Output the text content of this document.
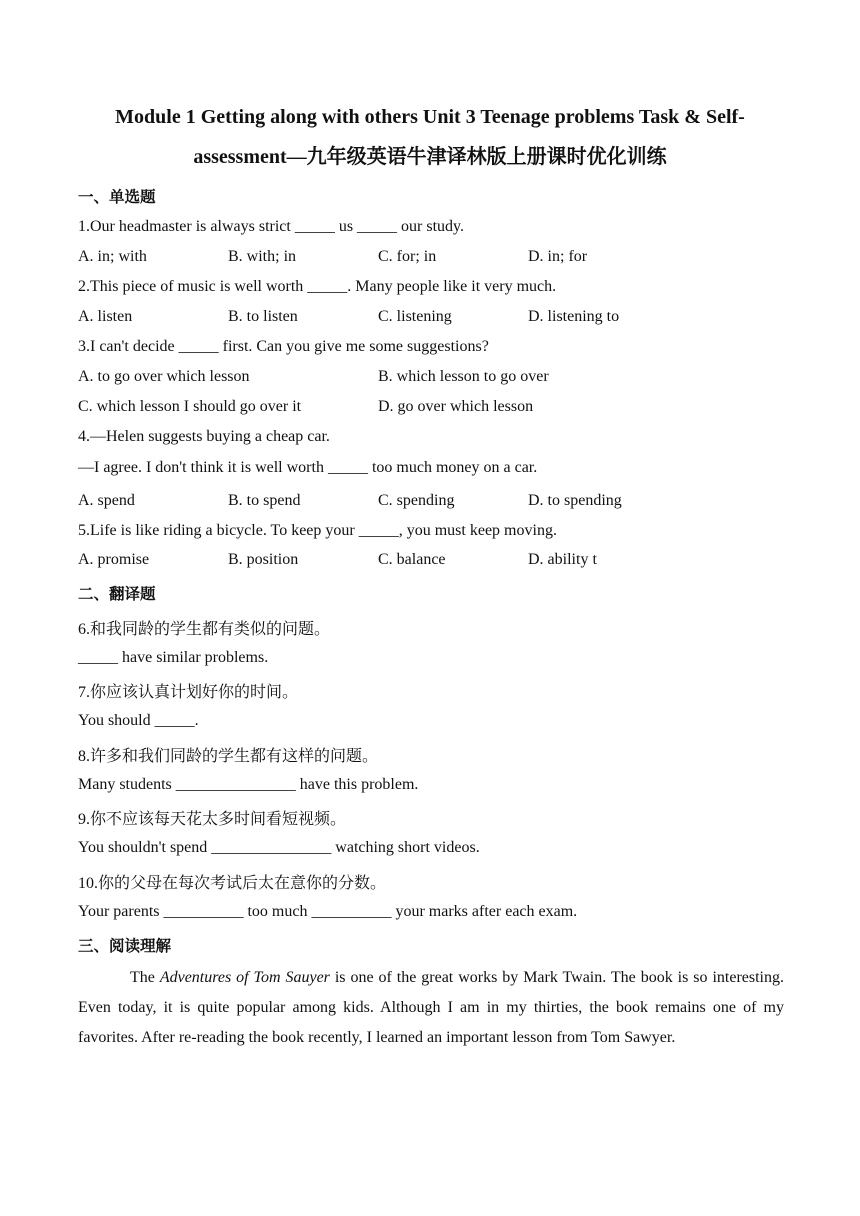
Module 1 Getting along with others Unit 3 Teenage problems Task & Self-
assessment—九年级英语牛津译林版上册课时优化训练
一、单选题
1.Our headmaster is always strict _____ us _____ our study.
A. in; with	B. with; in	C. for; in	D. in; for
2.This piece of music is well worth _____. Many people like it very much.
A. listen	B. to listen	C. listening	D. listening to
3.I can't decide _____ first. Can you give me some suggestions?
A. to go over which lesson	B. which lesson to go over
C. which lesson I should go over it	D. go over which lesson
4.—Helen suggests buying a cheap car.
—I agree. I don't think it is well worth _____ too much money on a car.
A. spend	B. to spend	C. spending	D. to spending
5.Life is like riding a bicycle. To keep your _____, you must keep moving.
A. promise	B. position	C. balance	D. ability t
二、翻译题
6.和我同龄的学生都有类似的问题。
_____ have similar problems.
7.你应该认真计划好你的时间。
You should _____.
8.许多和我们同龄的学生都有这样的问题。
Many students _______________ have this problem.
9.你不应该每天花太多时间看短视频。
You shouldn't spend _______________ watching short videos.
10.你的父母在每次考试后太在意你的分数。
Your parents __________ too much __________ your marks after each exam.
三、阅读理解
The Adventures of Tom Sauyer is one of the great works by Mark Twain. The book is so interesting. Even today, it is quite popular among kids. Although I am in my thirties, the book remains one of my favorites. After re-reading the book recently, I learned an important lesson from Tom Sawyer.
